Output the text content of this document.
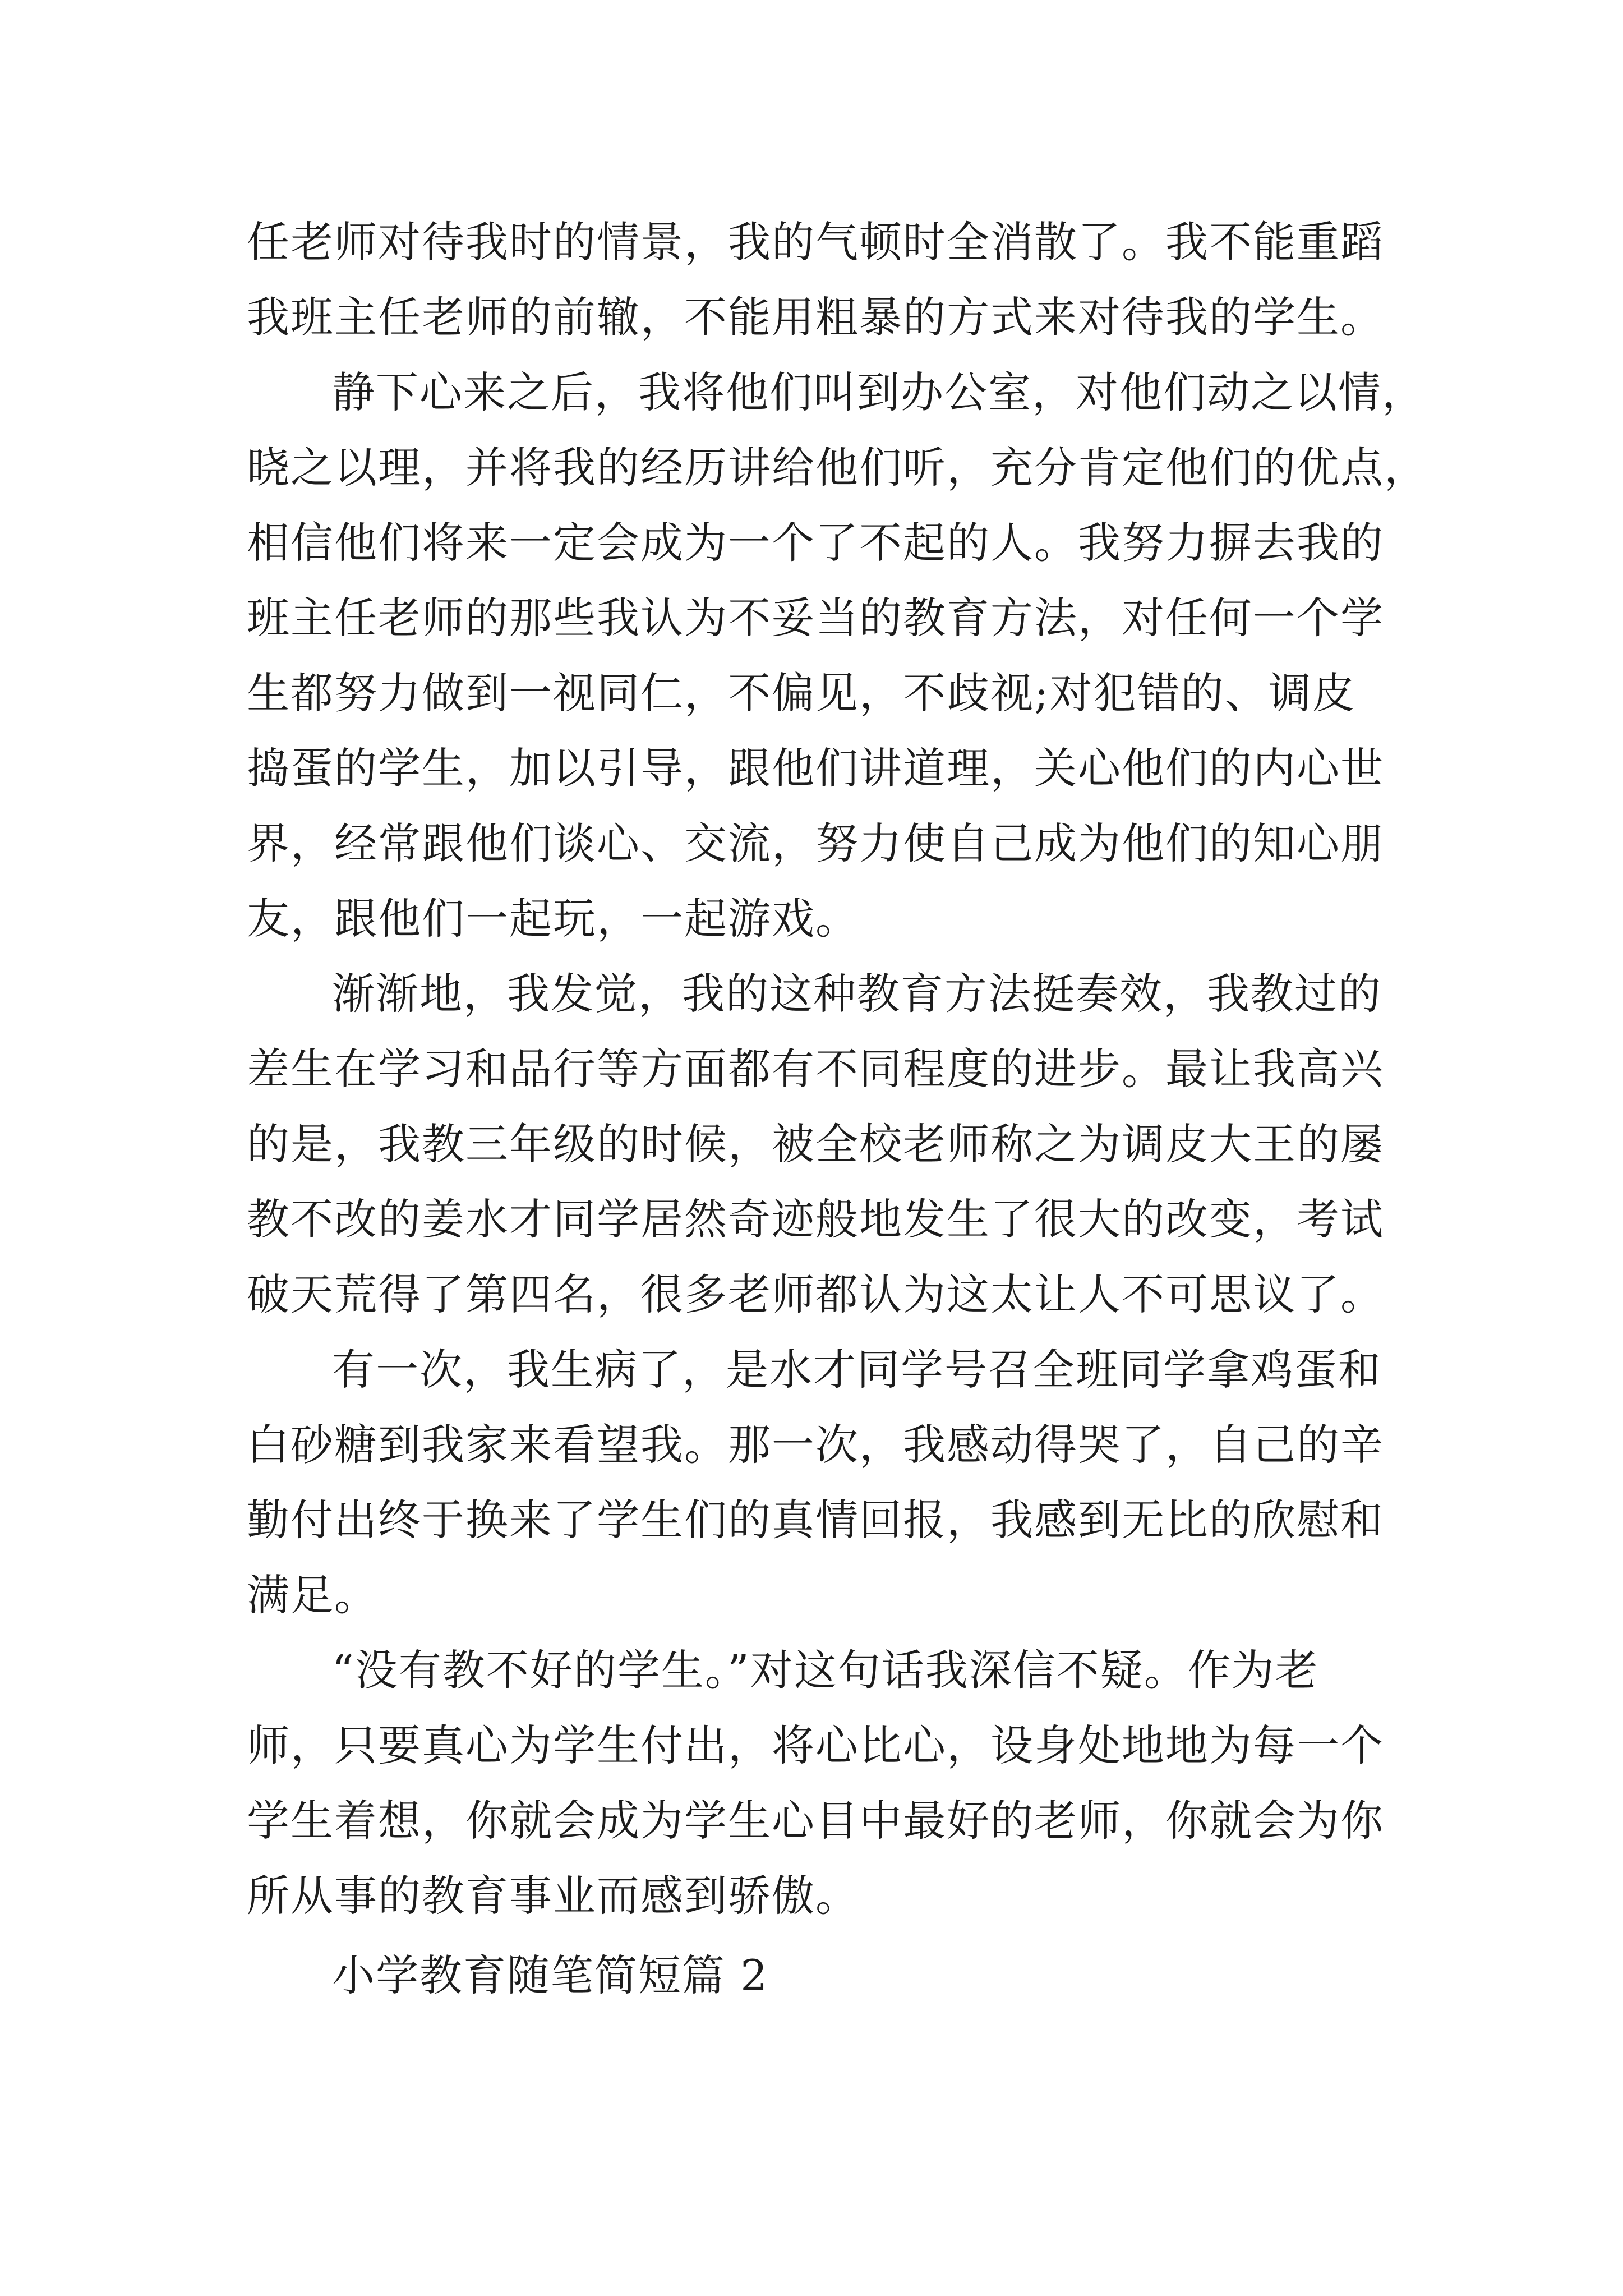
任老师对待我时的情景，我的气顿时全消散了。我不能重蹈
我班主任老师的前辙，不能用粗暴的方式来对待我的学生。
静下心来之后，我将他们叫到办公室，对他们动之以情，
晓之以理，并将我的经历讲给他们听，充分肯定他们的优点，
相信他们将来一定会成为一个了不起的人。我努力摒去我的
班主任老师的那些我认为不妥当的教育方法，对任何一个学
生都努力做到一视同仁，不偏见，不歧视;对犯错的、调皮
捣蛋的学生，加以引导，跟他们讲道理，关心他们的内心世
界，经常跟他们谈心、交流，努力使自己成为他们的知心朋
友，跟他们一起玩，一起游戏。
渐渐地，我发觉，我的这种教育方法挺奏效，我教过的
差生在学习和品行等方面都有不同程度的进步。最让我高兴
的是，我教三年级的时候，被全校老师称之为调皮大王的屡
教不改的姜水才同学居然奇迹般地发生了很大的改变，考试
破天荒得了第四名，很多老师都认为这太让人不可思议了。
有一次，我生病了，是水才同学号召全班同学拿鸡蛋和
白砂糖到我家来看望我。那一次，我感动得哭了，自己的辛
勤付出终于换来了学生们的真情回报，我感到无比的欣慰和
满足。
“没有教不好的学生。”对这句话我深信不疑。作为老
师，只要真心为学生付出，将心比心，设身处地地为每一个
学生着想，你就会成为学生心目中最好的老师，你就会为你
所从事的教育事业而感到骄傲。
小学教育随笔简短篇 2
